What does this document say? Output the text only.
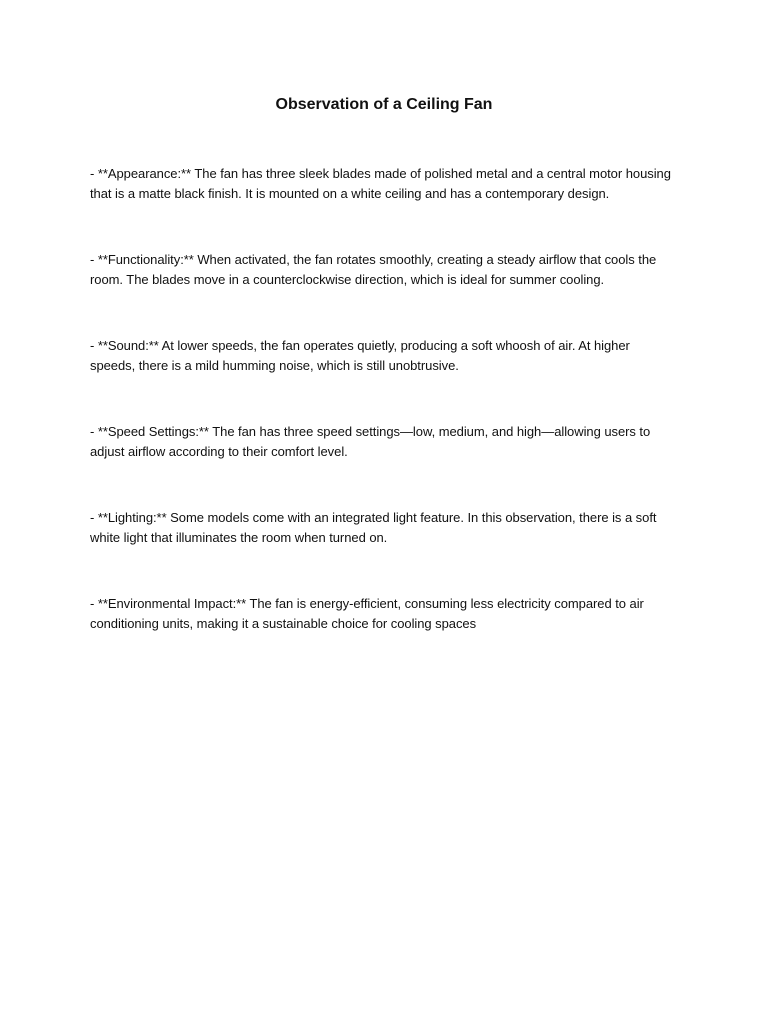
Observation of a Ceiling Fan

- **Appearance:** The fan has three sleek blades made of polished metal and a central motor housing that is a matte black finish. It is mounted on a white ceiling and has a contemporary design.

- **Functionality:** When activated, the fan rotates smoothly, creating a steady airflow that cools the room. The blades move in a counterclockwise direction, which is ideal for summer cooling.

- **Sound:** At lower speeds, the fan operates quietly, producing a soft whoosh of air. At higher speeds, there is a mild humming noise, which is still unobtrusive.

- **Speed Settings:** The fan has three speed settings—low, medium, and high—allowing users to adjust airflow according to their comfort level.

- **Lighting:** Some models come with an integrated light feature. In this observation, there is a soft white light that illuminates the room when turned on.

- **Environmental Impact:** The fan is energy-efficient, consuming less electricity compared to air conditioning units, making it a sustainable choice for cooling spaces
